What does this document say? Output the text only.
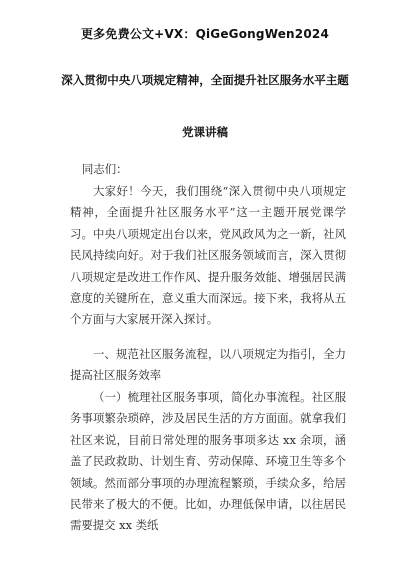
更多免费公文+VX：QiGeGongWen2024
深入贯彻中央八项规定精神，全面提升社区服务水平主题
党课讲稿
同志们：

大家好！今天，我们围绕“深入贯彻中央八项规定精神，全面提升社区服务水平”这一主题开展党课学习。中央八项规定出台以来，党风政风为之一新，社风民风持续向好。对于我们社区服务领域而言，深入贯彻八项规定是改进工作作风、提升服务效能、增强居民满意度的关键所在，意义重大而深远。接下来，我将从五个方面与大家展开深入探讨。

一、规范社区服务流程，以八项规定为指引，全力提高社区服务效率

（一）梳理社区服务事项，简化办事流程。社区服务事项繁杂琐碎，涉及居民生活的方方面面。就拿我们社区来说，目前日常处理的服务事项多达 xx 余项，涵盖了民政救助、计划生育、劳动保障、环境卫生等多个领域。然而部分事项的办理流程繁琐，手续众多，给居民带来了极大的不便。比如，办理低保申请，以往居民需要提交 xx 类纸
